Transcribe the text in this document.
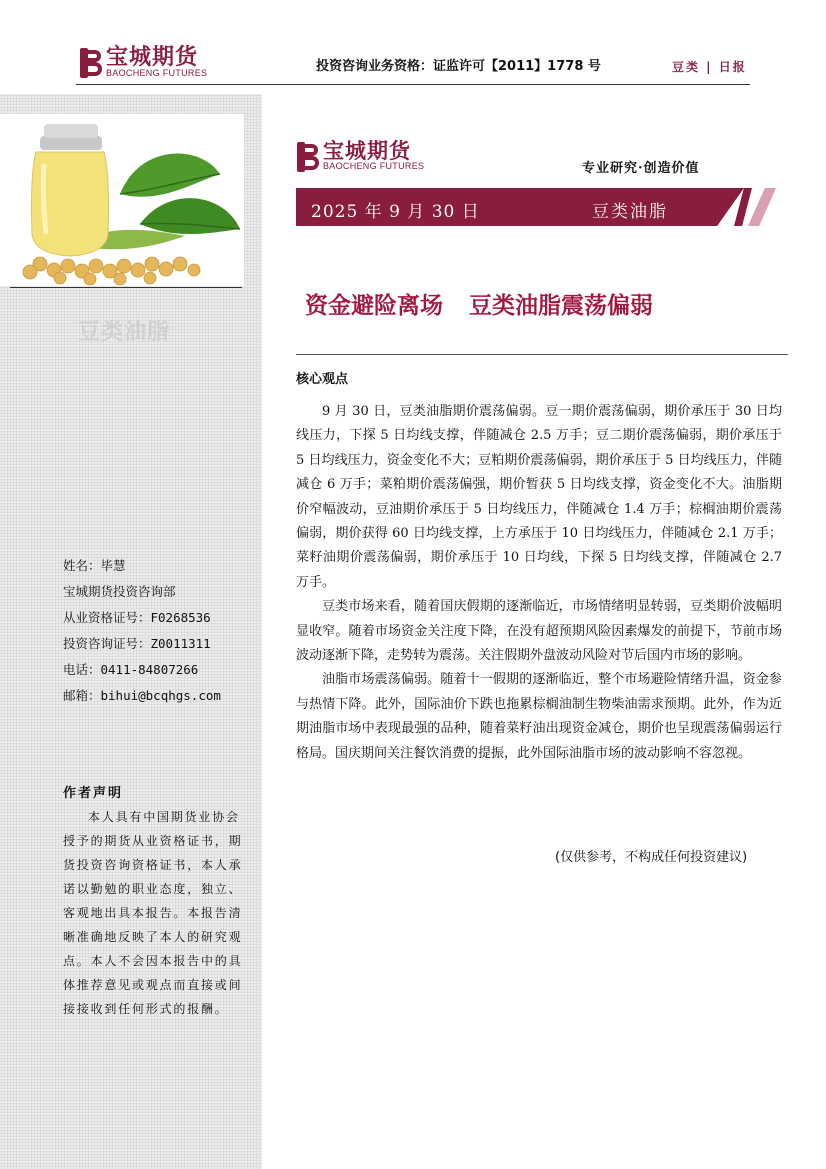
宝城期货
BAOCHENG FUTURES	投资咨询业务资格：证监许可【2011】1778 号	豆类 | 日报
豆类油脂
姓名：毕慧
宝城期货投资咨询部
从业资格证号：F0268536
投资咨询证号：Z0011311
电话：0411-84807266
邮箱：bihui@bcqhgs.com
作者声明
本人具有中国期货业协会授予的期货从业资格证书，期货投资咨询资格证书，本人承诺以勤勉的职业态度，独立、客观地出具本报告。本报告清晰准确地反映了本人的研究观点。本人不会因本报告中的具体推荐意见或观点而直接或间接接收到任何形式的报酬。
宝城期货
BAOCHENG FUTURES	专业研究·创造价值
2025 年 9 月 30 日	豆类油脂
资金避险离场 豆类油脂震荡偏弱
核心观点

9 月 30 日，豆类油脂期价震荡偏弱。豆一期价震荡偏弱，期价承压于 30 日均线压力，下探 5 日均线支撑，伴随减仓 2.5 万手；豆二期价震荡偏弱，期价承压于 5 日均线压力，资金变化不大；豆粕期价震荡偏弱，期价承压于 5 日均线压力，伴随减仓 6 万手；菜粕期价震荡偏强，期价暂获 5 日均线支撑，资金变化不大。油脂期价窄幅波动，豆油期价承压于 5 日均线压力，伴随减仓 1.4 万手；棕榈油期价震荡偏弱，期价获得 60 日均线支撑，上方承压于 10 日均线压力，伴随减仓 2.1 万手；菜籽油期价震荡偏弱，期价承压于 10 日均线，下探 5 日均线支撑，伴随减仓 2.7 万手。

豆类市场来看，随着国庆假期的逐渐临近，市场情绪明显转弱，豆类期价波幅明显收窄。随着市场资金关注度下降，在没有超预期风险因素爆发的前提下，节前市场波动逐渐下降，走势转为震荡。关注假期外盘波动风险对节后国内市场的影响。

油脂市场震荡偏弱。随着十一假期的逐渐临近，整个市场避险情绪升温，资金参与热情下降。此外，国际油价下跌也拖累棕榈油制生物柴油需求预期。此外，作为近期油脂市场中表现最强的品种，随着菜籽油出现资金减仓，期价也呈现震荡偏弱运行格局。国庆期间关注餐饮消费的提振，此外国际油脂市场的波动影响不容忽视。

(仅供参考，不构成任何投资建议)
